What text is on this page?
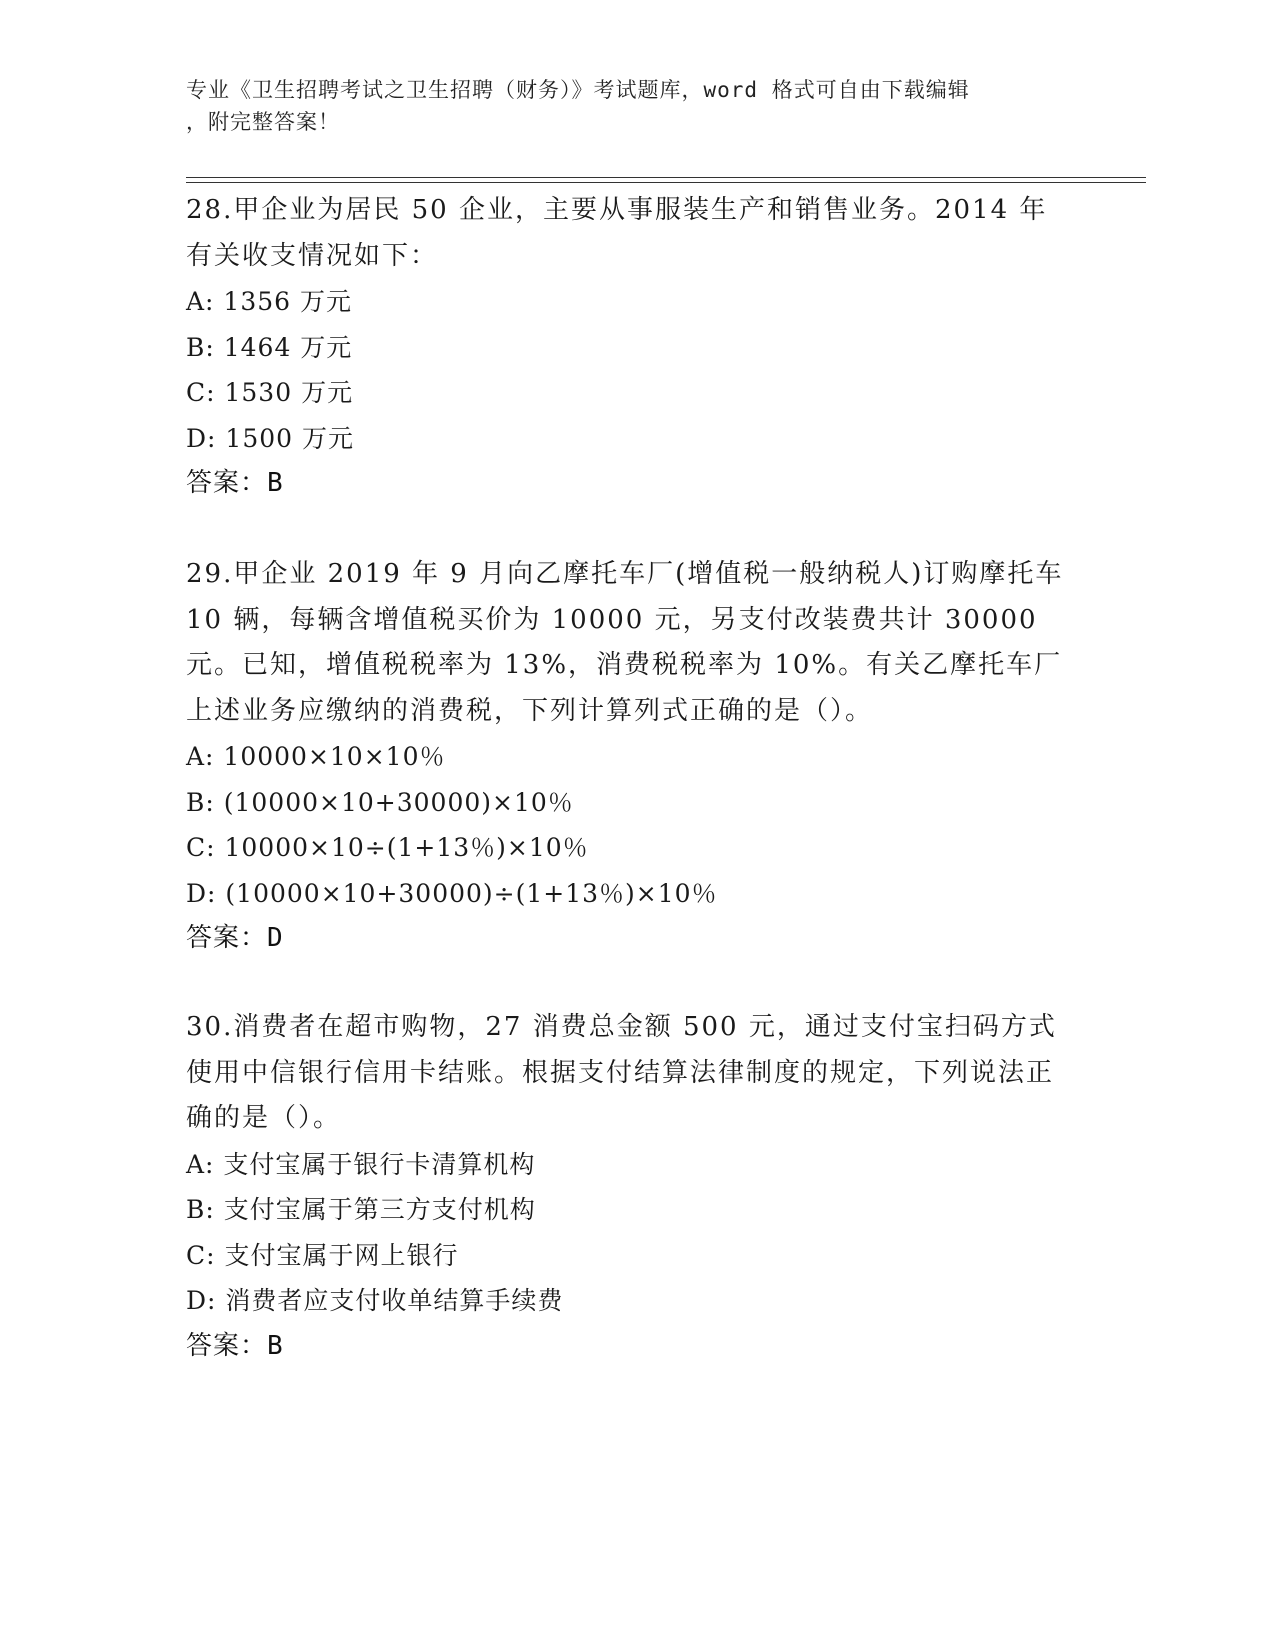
专业《卫生招聘考试之卫生招聘（财务）》考试题库，word 格式可自由下载编辑
，附完整答案！
28.甲企业为居民 50 企业，主要从事服装生产和销售业务。2014 年有关收支情况如下：
A: 1356 万元
B: 1464 万元
C: 1530 万元
D: 1500 万元
答案：B
29.甲企业 2019 年 9 月向乙摩托车厂(增值税一般纳税人)订购摩托车 10 辆，每辆含增值税买价为 10000 元，另支付改装费共计 30000 元。已知，增值税税率为 13%，消费税税率为 10%。有关乙摩托车厂上述业务应缴纳的消费税，下列计算列式正确的是（）。
A: 10000×10×10％
B: (10000×10+30000)×10％
C: 10000×10÷(1+13％)×10％
D: (10000×10+30000)÷(1+13％)×10％
答案：D
30.消费者在超市购物，27 消费总金额 500 元，通过支付宝扫码方式使用中信银行信用卡结账。根据支付结算法律制度的规定，下列说法正确的是（）。
A: 支付宝属于银行卡清算机构
B: 支付宝属于第三方支付机构
C: 支付宝属于网上银行
D: 消费者应支付收单结算手续费
答案：B
